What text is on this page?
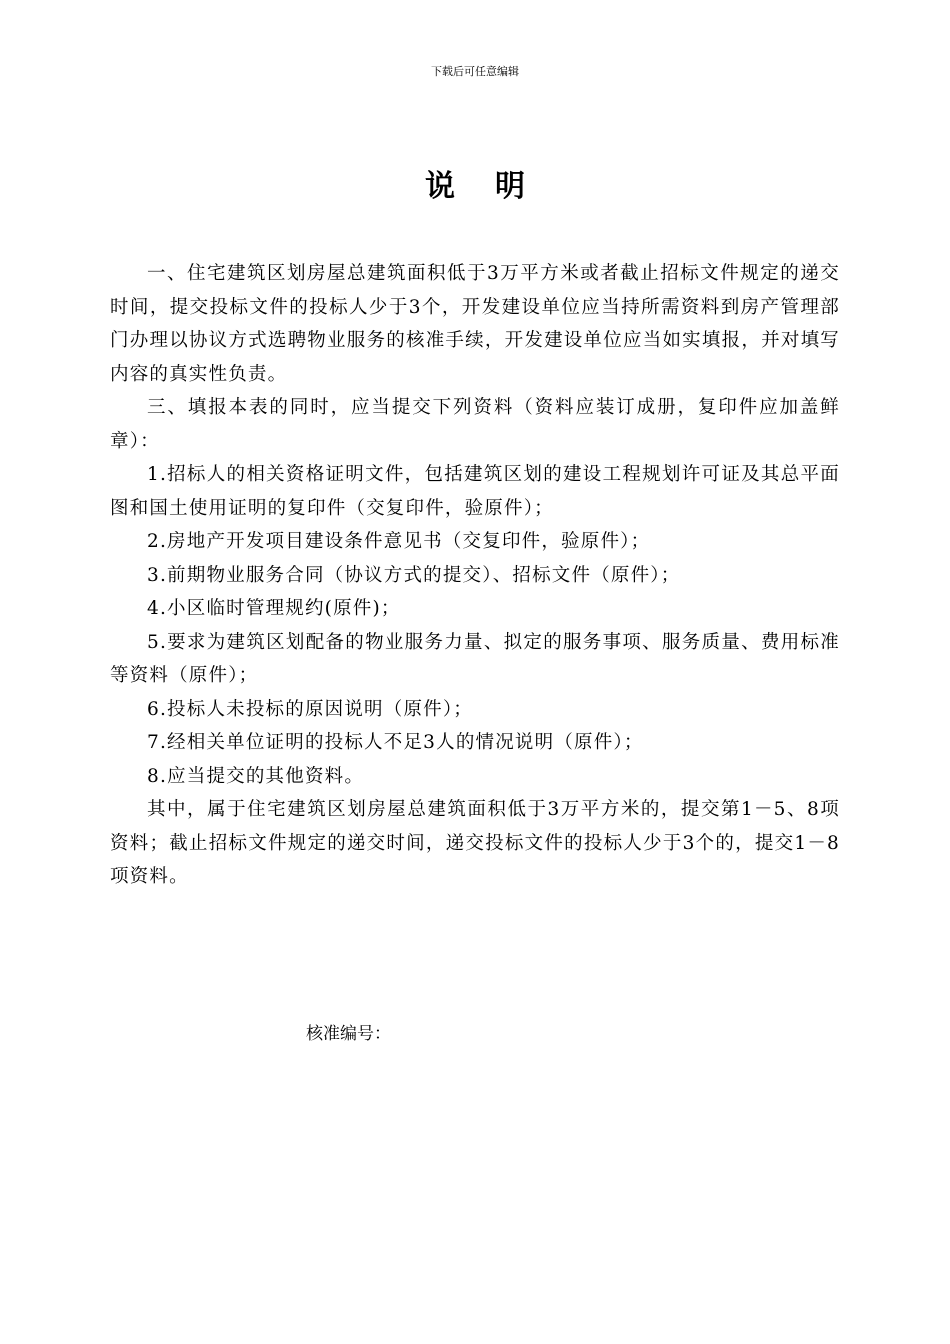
下载后可任意编辑
说明

一、住宅建筑区划房屋总建筑面积低于3万平方米或者截止招标文件规定的递交时间，提交投标文件的投标人少于3个，开发建设单位应当持所需资料到房产管理部门办理以协议方式选聘物业服务的核准手续，开发建设单位应当如实填报，并对填写内容的真实性负责。

三、填报本表的同时，应当提交下列资料（资料应装订成册，复印件应加盖鲜章）：

1.招标人的相关资格证明文件，包括建筑区划的建设工程规划许可证及其总平面图和国土使用证明的复印件（交复印件，验原件）；

2.房地产开发项目建设条件意见书（交复印件，验原件）；

3.前期物业服务合同（协议方式的提交）、招标文件（原件）；

4.小区临时管理规约(原件)；

5.要求为建筑区划配备的物业服务力量、拟定的服务事项、服务质量、费用标准等资料（原件）；

6.投标人未投标的原因说明（原件）；

7.经相关单位证明的投标人不足3人的情况说明（原件）；

8.应当提交的其他资料。

其中，属于住宅建筑区划房屋总建筑面积低于3万平方米的，提交第1－5、8项资料；截止招标文件规定的递交时间，递交投标文件的投标人少于3个的，提交1－8项资料。

核准编号：
